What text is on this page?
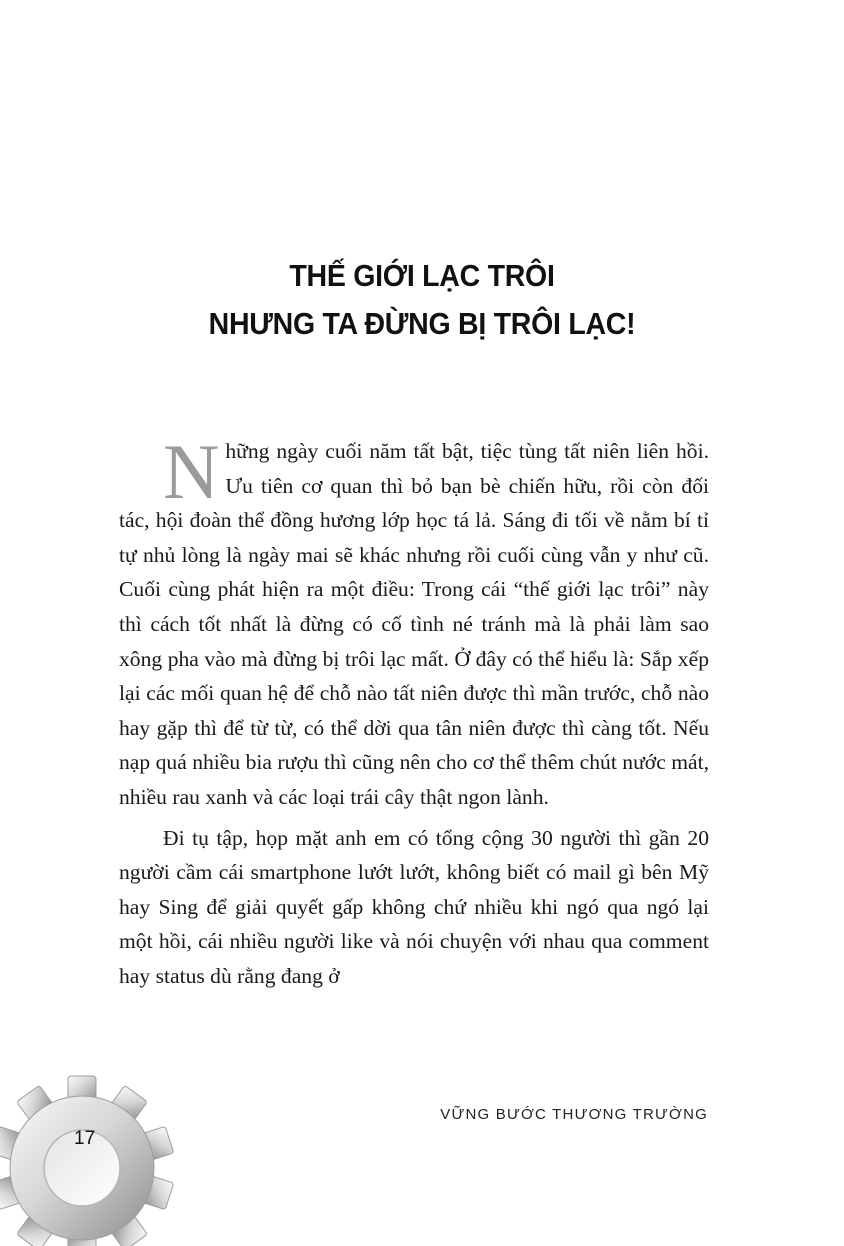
THẾ GIỚI LẠC TRÔI
NHƯNG TA ĐỪNG BỊ TRÔI LẠC!

Những ngày cuối năm tất bật, tiệc tùng tất niên liên hồi. Ưu tiên cơ quan thì bỏ bạn bè chiến hữu, rồi còn đối tác, hội đoàn thể đồng hương lớp học tá lả. Sáng đi tối về nằm bí tỉ tự nhủ lòng là ngày mai sẽ khác nhưng rồi cuối cùng vẫn y như cũ. Cuối cùng phát hiện ra một điều: Trong cái “thế giới lạc trôi” này thì cách tốt nhất là đừng có cố tình né tránh mà là phải làm sao xông pha vào mà đừng bị trôi lạc mất. Ở đây có thể hiểu là: Sắp xếp lại các mối quan hệ để chỗ nào tất niên được thì mần trước, chỗ nào hay gặp thì để từ từ, có thể dời qua tân niên được thì càng tốt. Nếu nạp quá nhiều bia rượu thì cũng nên cho cơ thể thêm chút nước mát, nhiều rau xanh và các loại trái cây thật ngon lành.

Đi tụ tập, họp mặt anh em có tổng cộng 30 người thì gần 20 người cầm cái smartphone lướt lướt, không biết có mail gì bên Mỹ hay Sing để giải quyết gấp không chứ nhiều khi ngó qua ngó lại một hồi, cái nhiều người like và nói chuyện với nhau qua comment hay status dù rằng đang ở

17
VỮNG BƯỚC THƯƠNG TRƯỜNG
